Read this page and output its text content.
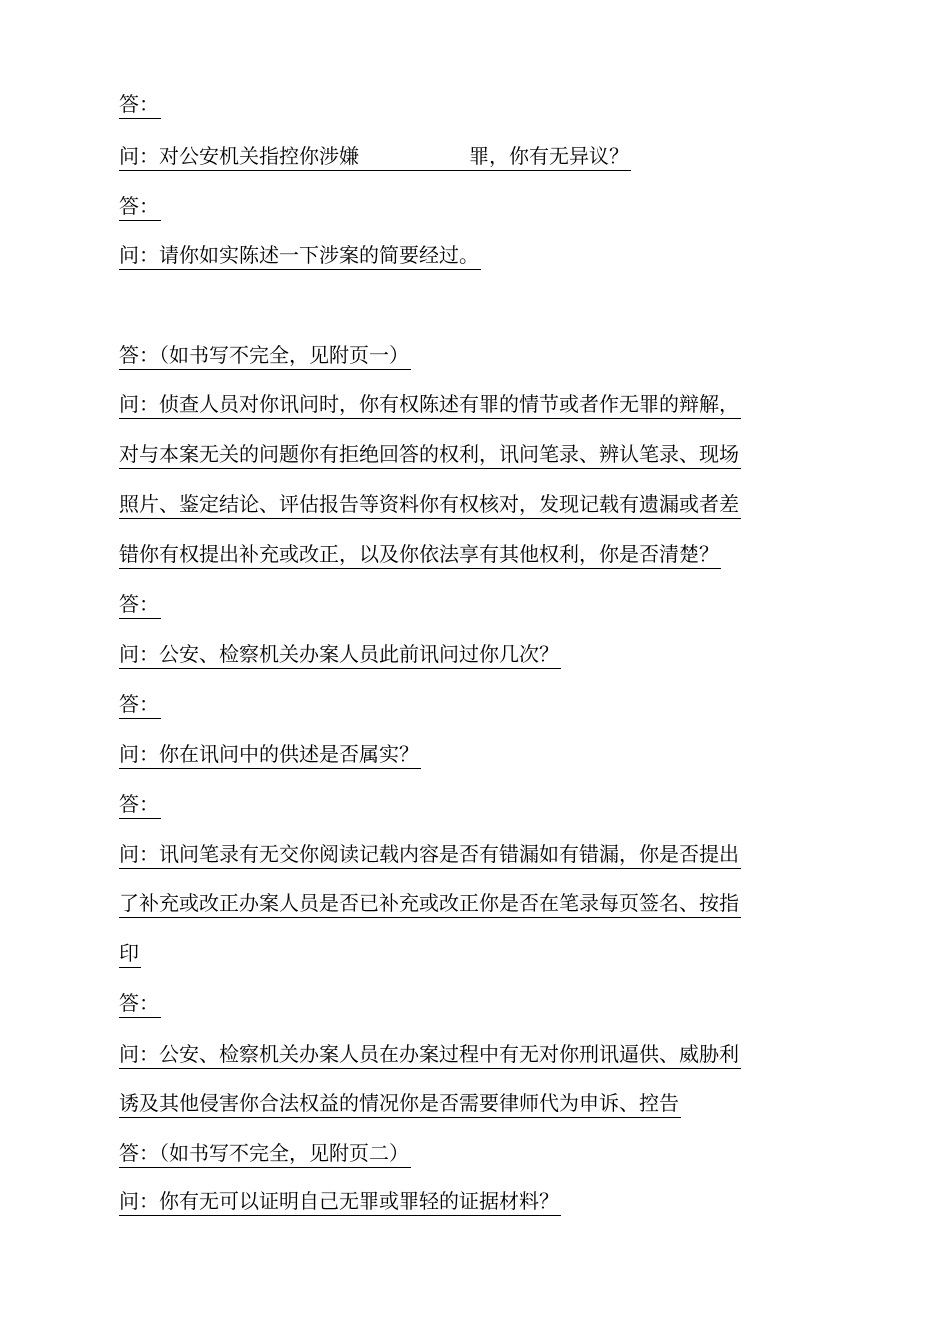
答：
问：对公安机关指控你涉嫌	罪，你有无异议？
答：
问：请你如实陈述一下涉案的简要经过。
答：（如书写不完全，见附页一）
问：侦查人员对你讯问时，你有权陈述有罪的情节或者作无罪的辩解，
对与本案无关的问题你有拒绝回答的权利，讯问笔录、辨认笔录、现场
照片、鉴定结论、评估报告等资料你有权核对，发现记载有遗漏或者差
错你有权提出补充或改正，以及你依法享有其他权利，你是否清楚？
答：
问：公安、检察机关办案人员此前讯问过你几次？
答：
问：你在讯问中的供述是否属实？
答：
问：讯问笔录有无交你阅读记载内容是否有错漏如有错漏，你是否提出
了补充或改正办案人员是否已补充或改正你是否在笔录每页签名、按指
印
答：
问：公安、检察机关办案人员在办案过程中有无对你刑讯逼供、威胁利
诱及其他侵害你合法权益的情况你是否需要律师代为申诉、控告
答：（如书写不完全，见附页二）
问：你有无可以证明自己无罪或罪轻的证据材料？
